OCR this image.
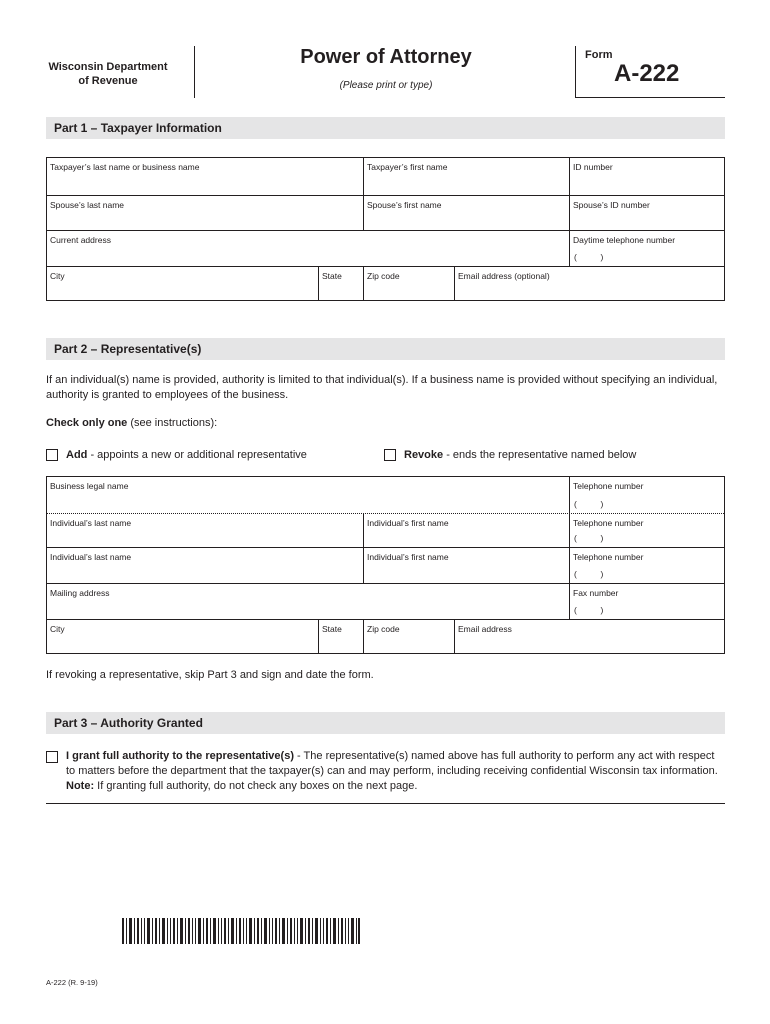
Wisconsin Department
of Revenue
Power of Attorney
(Please print or type)
Form
A-222
Part 1 – Taxpayer Information
Taxpayer’s last name or business name	Taxpayer’s first name	ID number
Spouse’s last name	Spouse’s first name	Spouse’s ID number
Current address	Daytime telephone number
(          )
City	State	Zip code	Email address (optional)
Part 2 – Representative(s)
If an individual(s) name is provided, authority is limited to that individual(s). If a business name is provided without specifying an individual, authority is granted to employees of the business.
Check only one (see instructions):
Add - appoints a new or additional representative	Revoke - ends the representative named below
Business legal name	Telephone number
(          )
Individual’s last name	Individual’s first name	Telephone number
(          )
Individual’s last name	Individual’s first name	Telephone number
(          )
Mailing address	Fax number
(          )
City	State	Zip code	Email address
If revoking a representative, skip Part 3 and sign and date the form.
Part 3 – Authority Granted
I grant full authority to the representative(s) - The representative(s) named above has full authority to perform any act with respect to matters before the department that the taxpayer(s) can and may perform, including receiving confidential Wisconsin tax information. Note: If granting full authority, do not check any boxes on the next page.
A-222 (R. 9-19)
